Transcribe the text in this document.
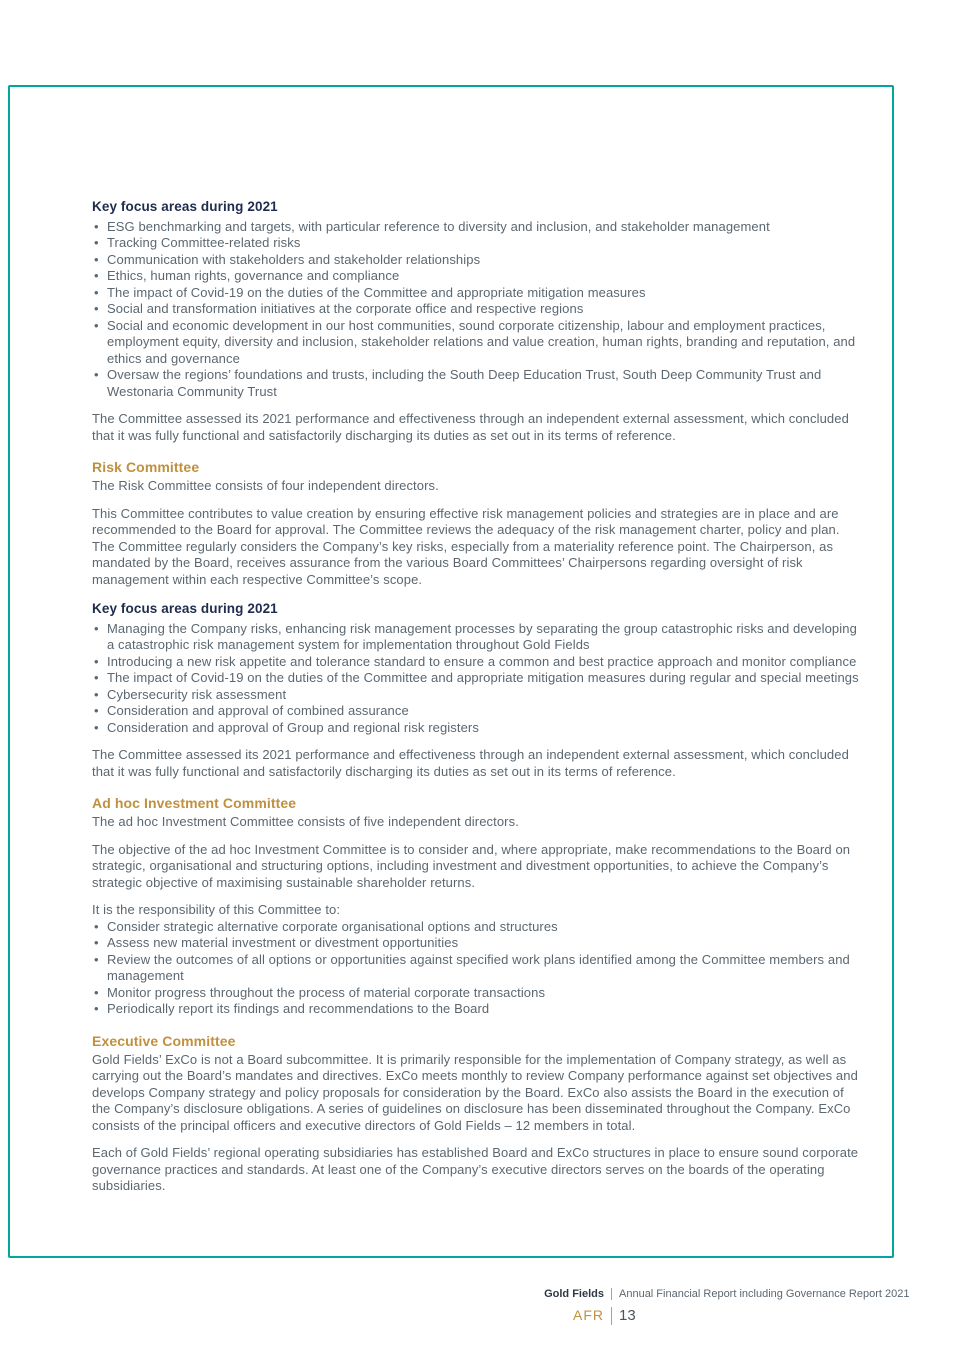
Key focus areas during 2021
• ESG benchmarking and targets, with particular reference to diversity and inclusion, and stakeholder management
• Tracking Committee-related risks
• Communication with stakeholders and stakeholder relationships
• Ethics, human rights, governance and compliance
• The impact of Covid-19 on the duties of the Committee and appropriate mitigation measures
• Social and transformation initiatives at the corporate office and respective regions
• Social and economic development in our host communities, sound corporate citizenship, labour and employment practices, employment equity, diversity and inclusion, stakeholder relations and value creation, human rights, branding and reputation, and ethics and governance
• Oversaw the regions’ foundations and trusts, including the South Deep Education Trust, South Deep Community Trust and Westonaria Community Trust

The Committee assessed its 2021 performance and effectiveness through an independent external assessment, which concluded that it was fully functional and satisfactorily discharging its duties as set out in its terms of reference.

Risk Committee

The Risk Committee consists of four independent directors.

This Committee contributes to value creation by ensuring effective risk management policies and strategies are in place and are recommended to the Board for approval. The Committee reviews the adequacy of the risk management charter, policy and plan. The Committee regularly considers the Company’s key risks, especially from a materiality reference point. The Chairperson, as mandated by the Board, receives assurance from the various Board Committees’ Chairpersons regarding oversight of risk management within each respective Committee’s scope.

Key focus areas during 2021
• Managing the Company risks, enhancing risk management processes by separating the group catastrophic risks and developing a catastrophic risk management system for implementation throughout Gold Fields
• Introducing a new risk appetite and tolerance standard to ensure a common and best practice approach and monitor compliance
• The impact of Covid-19 on the duties of the Committee and appropriate mitigation measures during regular and special meetings
• Cybersecurity risk assessment
• Consideration and approval of combined assurance
• Consideration and approval of Group and regional risk registers

The Committee assessed its 2021 performance and effectiveness through an independent external assessment, which concluded that it was fully functional and satisfactorily discharging its duties as set out in its terms of reference.

Ad hoc Investment Committee

The ad hoc Investment Committee consists of five independent directors.

The objective of the ad hoc Investment Committee is to consider and, where appropriate, make recommendations to the Board on strategic, organisational and structuring options, including investment and divestment opportunities, to achieve the Company’s strategic objective of maximising sustainable shareholder returns.

It is the responsibility of this Committee to:

• Consider strategic alternative corporate organisational options and structures
• Assess new material investment or divestment opportunities
• Review the outcomes of all options or opportunities against specified work plans identified among the Committee members and management
• Monitor progress throughout the process of material corporate transactions
• Periodically report its findings and recommendations to the Board
Executive Committee

Gold Fields’ ExCo is not a Board subcommittee. It is primarily responsible for the implementation of Company strategy, as well as carrying out the Board’s mandates and directives. ExCo meets monthly to review Company performance against set objectives and develops Company strategy and policy proposals for consideration by the Board. ExCo also assists the Board in the execution of the Company’s disclosure obligations. A series of guidelines on disclosure has been disseminated throughout the Company. ExCo consists of the principal officers and executive directors of Gold Fields – 12 members in total.

Each of Gold Fields’ regional operating subsidiaries has established Board and ExCo structures in place to ensure sound corporate governance practices and standards. At least one of the Company’s executive directors serves on the boards of the operating subsidiaries.

Gold Fields	Annual Financial Report including Governance Report 2021
AFR	13
